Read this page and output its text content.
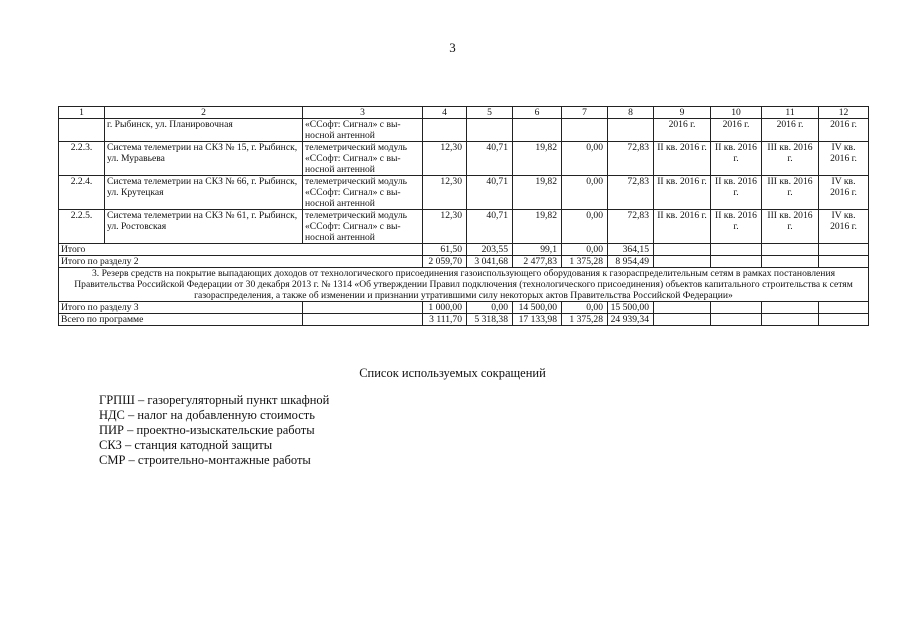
3
1	2	3	4	5	6	7	8	9	10	11	12
	г. Рыбинск, ул. Планировочная	«ССофт: Сигнал» с вы-носной антенной						2016 г.	2016 г.	2016 г.	2016 г.
2.2.3.	Система телеметрии на СКЗ № 15, г. Рыбинск, ул. Муравьева	телеметрический модуль «ССофт: Сигнал» с вы-носной антенной	12,30	40,71	19,82	0,00	72,83	II кв. 2016 г.	II кв. 2016 г.	III кв. 2016 г.	IV кв. 2016 г.
2.2.4.	Система телеметрии на СКЗ № 66, г. Рыбинск, ул. Крутецкая	телеметрический модуль «ССофт: Сигнал» с вы-носной антенной	12,30	40,71	19,82	0,00	72,83	II кв. 2016 г.	II кв. 2016 г.	III кв. 2016 г.	IV кв. 2016 г.
2.2.5.	Система телеметрии на СКЗ № 61, г. Рыбинск, ул. Ростовская	телеметрический модуль «ССофт: Сигнал» с вы-носной антенной	12,30	40,71	19,82	0,00	72,83	II кв. 2016 г.	II кв. 2016 г.	III кв. 2016 г.	IV кв. 2016 г.
Итого			61,50	203,55	99,1	0,00	364,15				
Итого по разделу 2			2 059,70	3 041,68	2 477,83	1 375,28	8 954,49				
3. Резерв средств на покрытие выпадающих доходов от технологического присоединения газоиспользующего оборудования к газораспределительным сетям в рамках постановления Правительства Российской Федерации от 30 декабря 2013 г. № 1314 «Об утверждении Правил подключения (технологического присоединения) объектов капитального строительства к сетям газораспределения, а также об изменении и признании утратившими силу некоторых актов Правительства Российской Федерации»											
Итого по разделу 3			1 000,00	0,00	14 500,00	0,00	15 500,00				
Всего по программе			3 111,70	5 318,38	17 133,98	1 375,28	24 939,34				
Список используемых сокращений
ГРПШ – газорегуляторный пункт шкафной
НДС – налог на добавленную стоимость
ПИР – проектно-изыскательские работы
СКЗ – станция катодной защиты
СМР – строительно-монтажные работы
